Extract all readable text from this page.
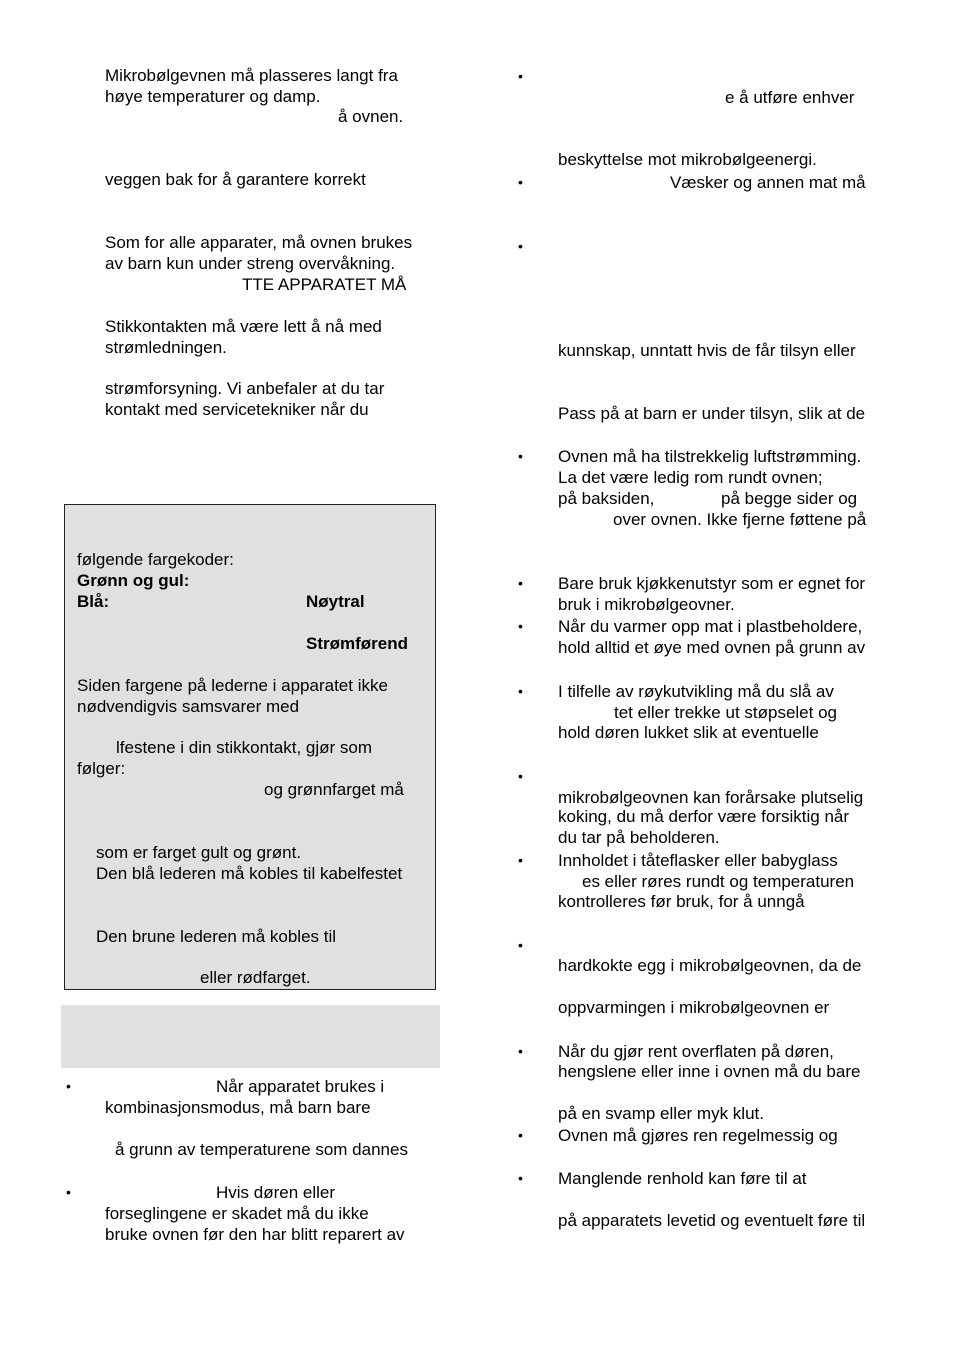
Mikrobølgevnen må plasseres langt fra
høye temperaturer og damp.
å ovnen.
veggen bak for å garantere korrekt
Som for alle apparater, må ovnen brukes
av barn kun under streng overvåkning.
TTE APPARATET MÅ
Stikkontakten må være lett å nå med
strømledningen.
strømforsyning. Vi anbefaler at du tar
kontakt med servicetekniker når du
følgende fargekoder:
Grønn og gul:
Blå:	Nøytral
Strømførend
Siden fargene på lederne i apparatet ikke
nødvendigvis samsvarer med
lfestene i din stikkontakt, gjør som
følger:
og grønnfarget må
som er farget gult og grønt.
Den blå lederen må kobles til kabelfestet
Den brune lederen må kobles til
eller rødfarget.
•	Når apparatet brukes i
kombinasjonsmodus, må barn bare
å grunn av temperaturene som dannes
•	Hvis døren eller
forseglingene er skadet må du ikke
bruke ovnen før den har blitt reparert av
•
e å utføre enhver
beskyttelse mot mikrobølgeenergi.
•	Væsker og annen mat må
•
kunnskap, unntatt hvis de får tilsyn eller
Pass på at barn er under tilsyn, slik at de
• Ovnen må ha tilstrekkelig luftstrømming.
La det være ledig rom rundt ovnen;
på baksiden,	på begge sider og
over ovnen. Ikke fjerne føttene på
• Bare bruk kjøkkenutstyr som er egnet for
bruk i mikrobølgeovner.
• Når du varmer opp mat i plastbeholdere,
hold alltid et øye med ovnen på grunn av
• I tilfelle av røykutvikling må du slå av
tet eller trekke ut støpselet og
hold døren lukket slik at eventuelle
•
mikrobølgeovnen kan forårsake plutselig
koking, du må derfor være forsiktig når
du tar på beholderen.
• Innholdet i tåteflasker eller babyglass
es eller røres rundt og temperaturen
kontrolleres før bruk, for å unngå
•
hardkokte egg i mikrobølgeovnen, da de
oppvarmingen i mikrobølgeovnen er
• Når du gjør rent overflaten på døren,
hengslene eller inne i ovnen må du bare
på en svamp eller myk klut.
• Ovnen må gjøres ren regelmessig og
• Manglende renhold kan føre til at
på apparatets levetid og eventuelt føre til
